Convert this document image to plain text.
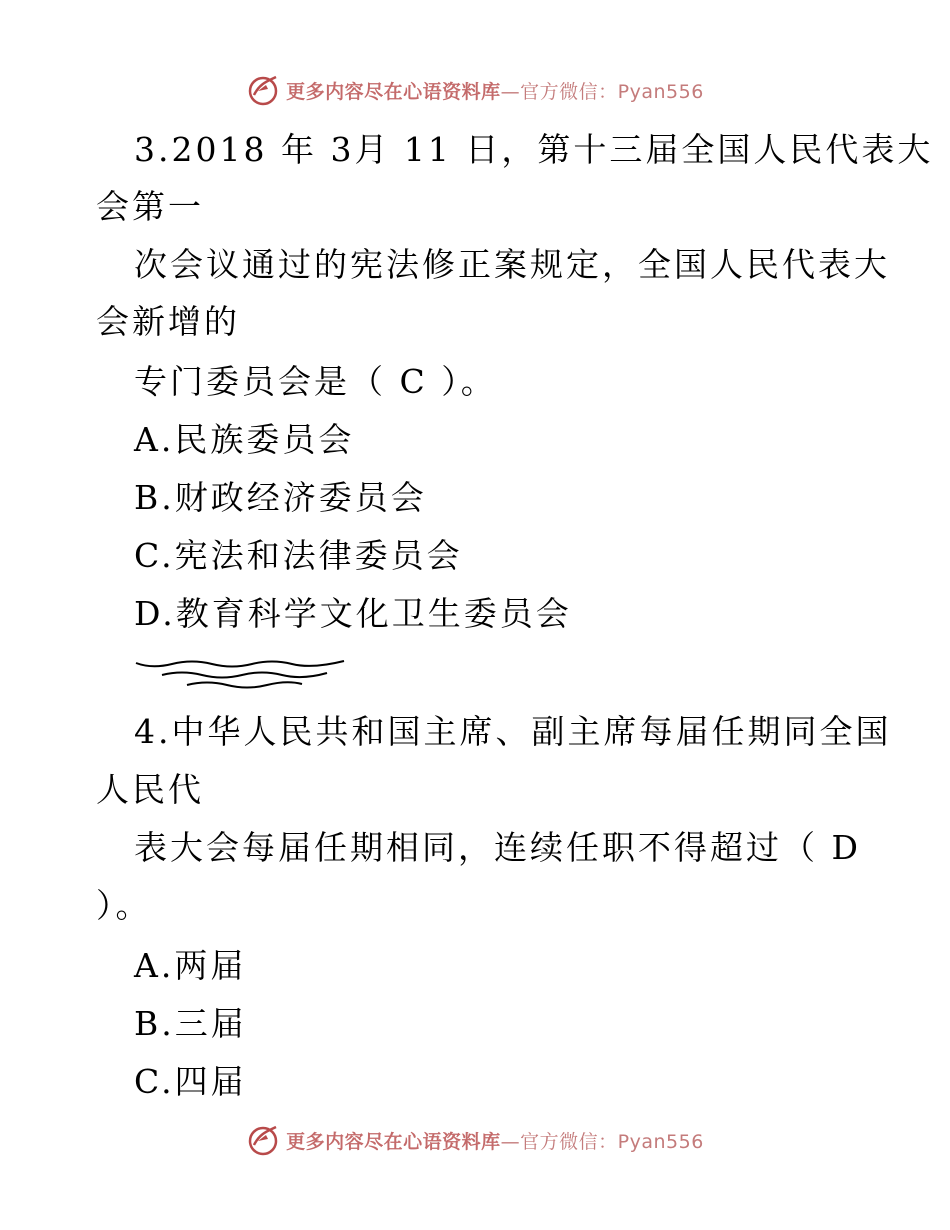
更多内容尽在心语资料库—官方微信：Pyan556
3.2018 年 3月 11 日，第十三届全国人民代表大
会第一
次会议通过的宪法修正案规定，全国人民代表大
会新增的
专门委员会是（ C ）。
A.民族委员会
B.财政经济委员会
C.宪法和法律委员会
D.教育科学文化卫生委员会
4.中华人民共和国主席、副主席每届任期同全国
人民代
表大会每届任期相同，连续任职不得超过（ D
）。
A.两届
B.三届
C.四届
更多内容尽在心语资料库—官方微信：Pyan556
